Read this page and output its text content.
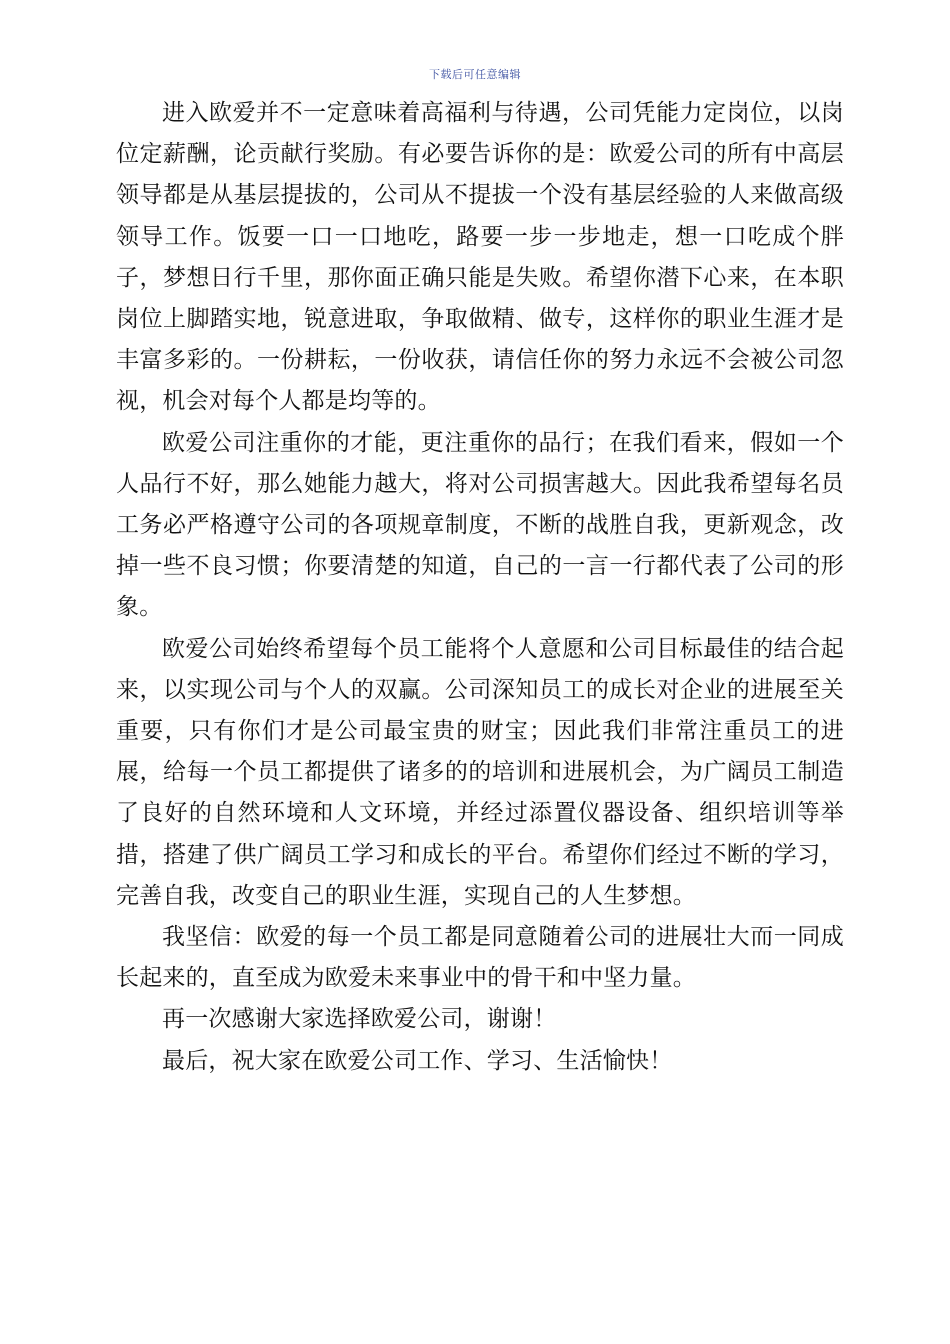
下载后可任意编辑

进入欧爱并不一定意味着高福利与待遇，公司凭能力定岗位，以岗位定薪酬，论贡献行奖励。有必要告诉你的是：欧爱公司的所有中高层领导都是从基层提拔的，公司从不提拔一个没有基层经验的人来做高级领导工作。饭要一口一口地吃，路要一步一步地走，想一口吃成个胖子，梦想日行千里，那你面正确只能是失败。希望你潜下心来，在本职岗位上脚踏实地，锐意进取，争取做精、做专，这样你的职业生涯才是丰富多彩的。一份耕耘，一份收获，请信任你的努力永远不会被公司忽视，机会对每个人都是均等的。

欧爱公司注重你的才能，更注重你的品行；在我们看来，假如一个人品行不好，那么她能力越大，将对公司损害越大。因此我希望每名员工务必严格遵守公司的各项规章制度，不断的战胜自我，更新观念，改掉一些不良习惯；你要清楚的知道，自己的一言一行都代表了公司的形象。

欧爱公司始终希望每个员工能将个人意愿和公司目标最佳的结合起来，以实现公司与个人的双赢。公司深知员工的成长对企业的进展至关重要，只有你们才是公司最宝贵的财宝；因此我们非常注重员工的进展，给每一个员工都提供了诸多的的培训和进展机会，为广阔员工制造了良好的自然环境和人文环境，并经过添置仪器设备、组织培训等举措，搭建了供广阔员工学习和成长的平台。希望你们经过不断的学习，完善自我，改变自己的职业生涯，实现自己的人生梦想。

我坚信：欧爱的每一个员工都是同意随着公司的进展壮大而一同成长起来的，直至成为欧爱未来事业中的骨干和中坚力量。

再一次感谢大家选择欧爱公司，谢谢！

最后，祝大家在欧爱公司工作、学习、生活愉快！
